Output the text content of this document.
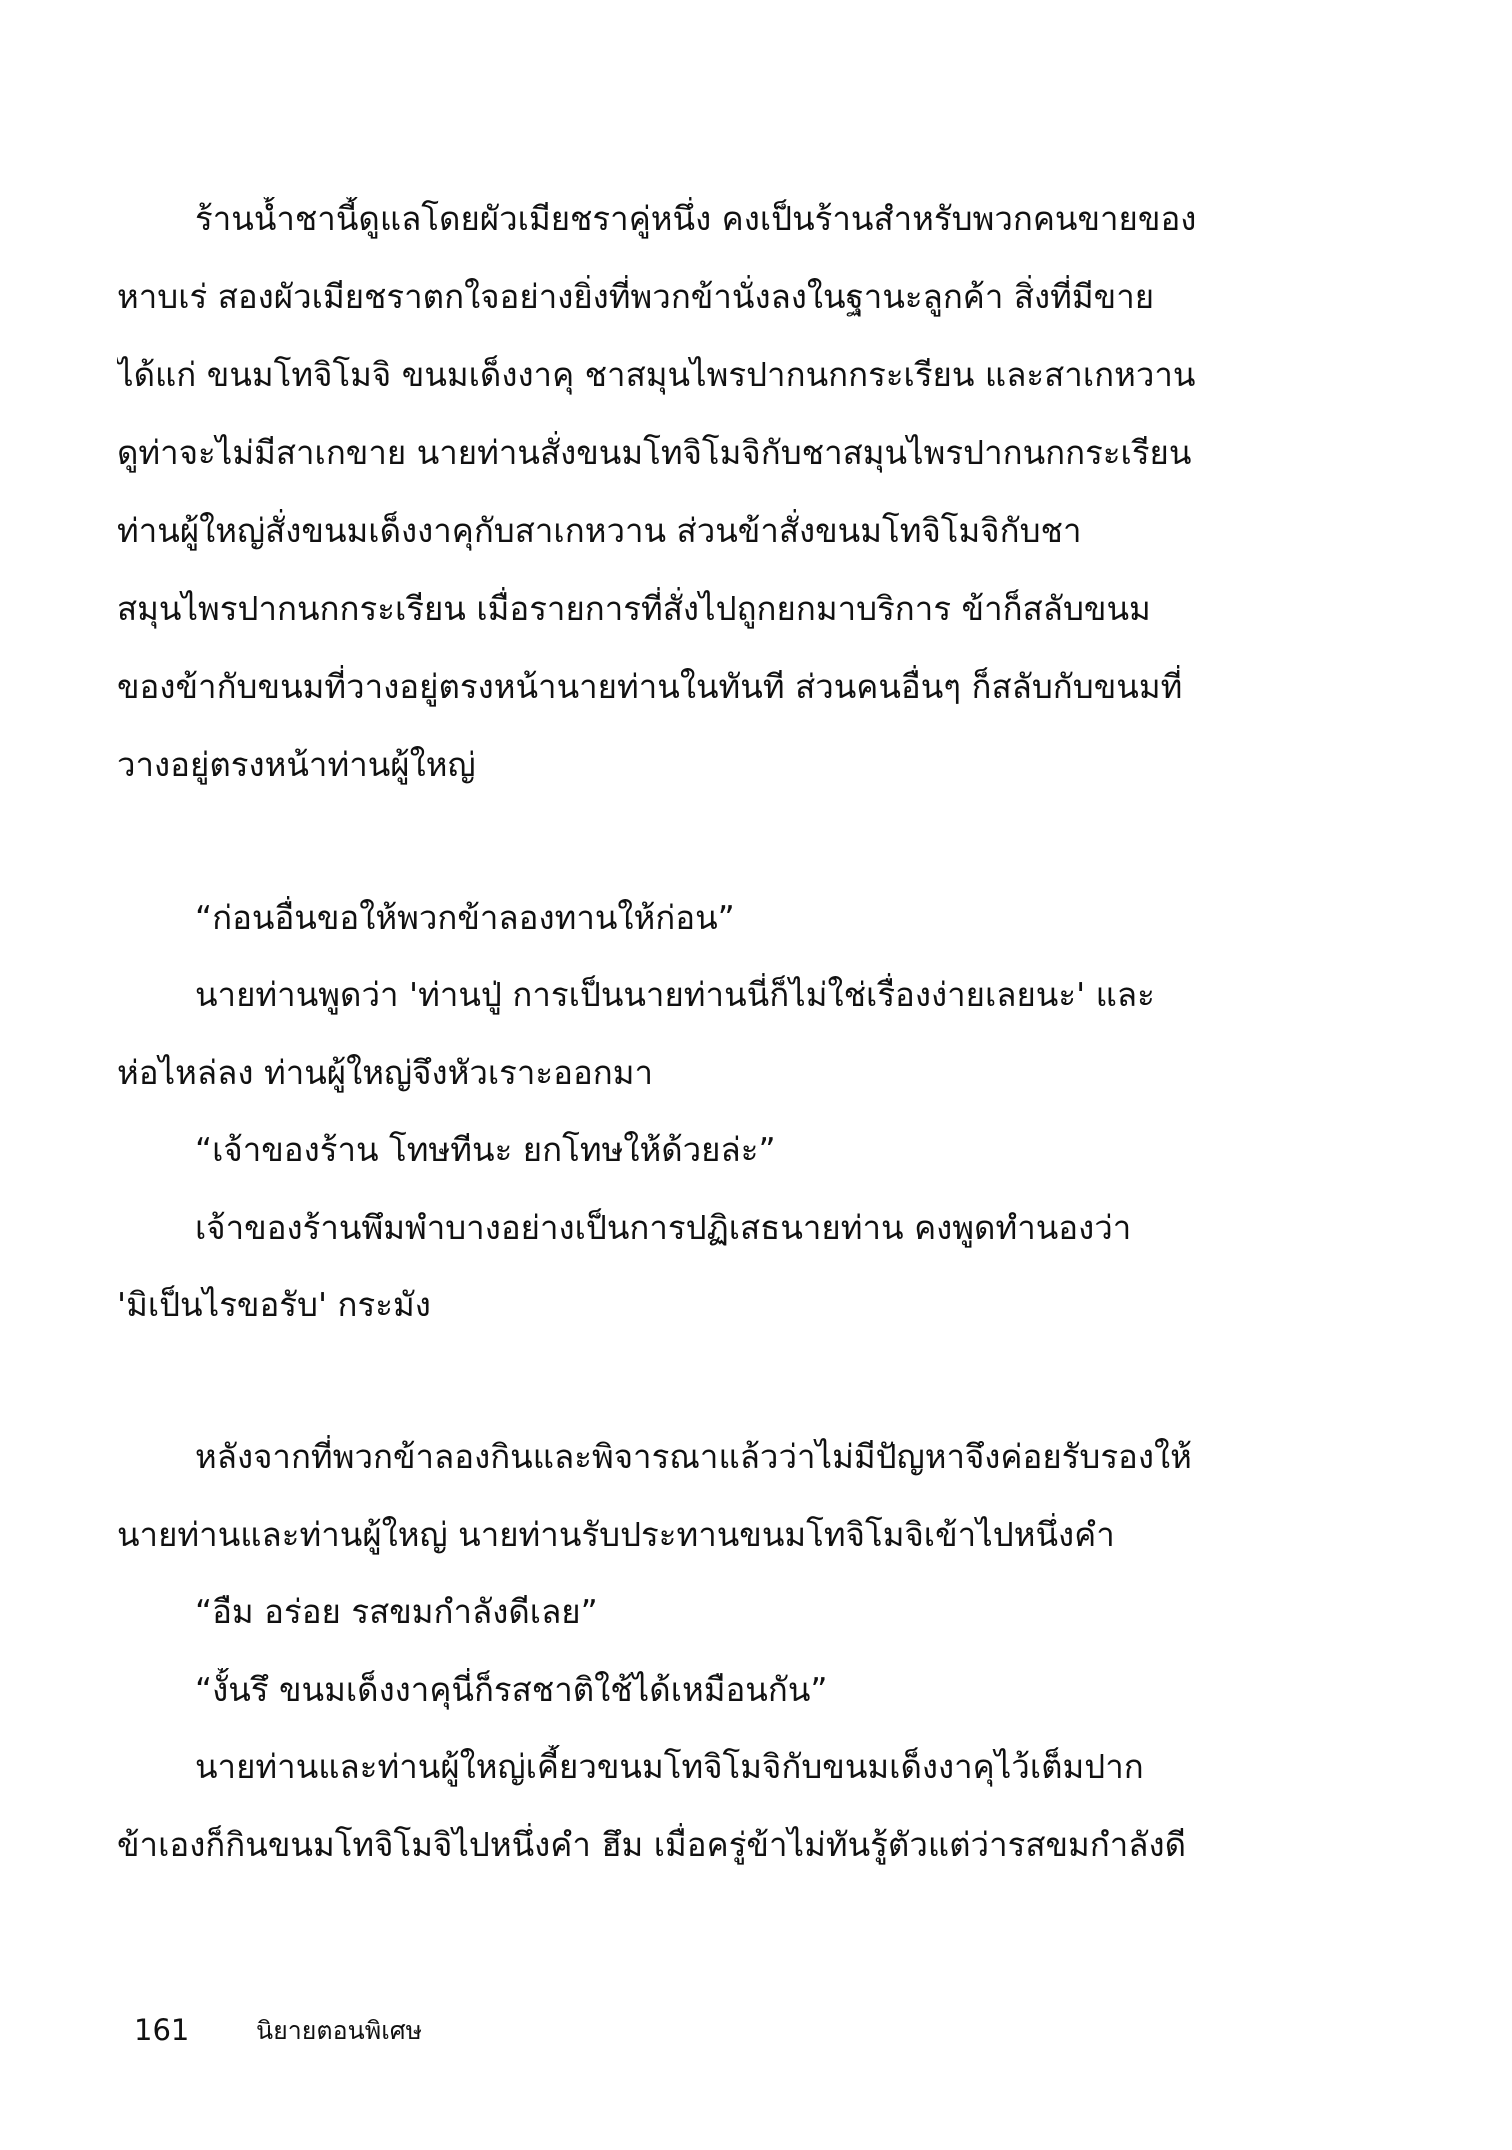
ร้านน้ำชานี้ดูแลโดยผัวเมียชราคู่หนึ่ง คงเป็นร้านสำหรับพวกคนขายของ
หาบเร่ สองผัวเมียชราตกใจอย่างยิ่งที่พวกข้านั่งลงในฐานะลูกค้า สิ่งที่มีขาย
ได้แก่ ขนมโทจิโมจิ ขนมเด็งงาคุ ชาสมุนไพรปากนกกระเรียน และสาเกหวาน
ดูท่าจะไม่มีสาเกขาย นายท่านสั่งขนมโทจิโมจิกับชาสมุนไพรปากนกกระเรียน
ท่านผู้ใหญ่สั่งขนมเด็งงาคุกับสาเกหวาน ส่วนข้าสั่งขนมโทจิโมจิกับชา
สมุนไพรปากนกกระเรียน เมื่อรายการที่สั่งไปถูกยกมาบริการ ข้าก็สลับขนม
ของข้ากับขนมที่วางอยู่ตรงหน้านายท่านในทันที ส่วนคนอื่นๆ ก็สลับกับขนมที่
วางอยู่ตรงหน้าท่านผู้ใหญ่
“ก่อนอื่นขอให้พวกข้าลองทานให้ก่อน”
นายท่านพูดว่า 'ท่านปู่ การเป็นนายท่านนี่ก็ไม่ใช่เรื่องง่ายเลยนะ' และ
ห่อไหล่ลง ท่านผู้ใหญ่จึงหัวเราะออกมา
“เจ้าของร้าน โทษทีนะ ยกโทษให้ด้วยล่ะ”
เจ้าของร้านพึมพำบางอย่างเป็นการปฏิเสธนายท่าน คงพูดทำนองว่า
'มิเป็นไรขอรับ' กระมัง
หลังจากที่พวกข้าลองกินและพิจารณาแล้วว่าไม่มีปัญหาจึงค่อยรับรองให้
นายท่านและท่านผู้ใหญ่ นายท่านรับประทานขนมโทจิโมจิเข้าไปหนึ่งคำ
“อืม อร่อย รสขมกำลังดีเลย”
“งั้นรึ ขนมเด็งงาคุนี่ก็รสชาติใช้ได้เหมือนกัน”
นายท่านและท่านผู้ใหญ่เคี้ยวขนมโทจิโมจิกับขนมเด็งงาคุไว้เต็มปาก
ข้าเองก็กินขนมโทจิโมจิไปหนึ่งคำ ฮึม เมื่อครู่ข้าไม่ทันรู้ตัวแต่ว่ารสขมกำลังดี
161	นิยายตอนพิเศษ
